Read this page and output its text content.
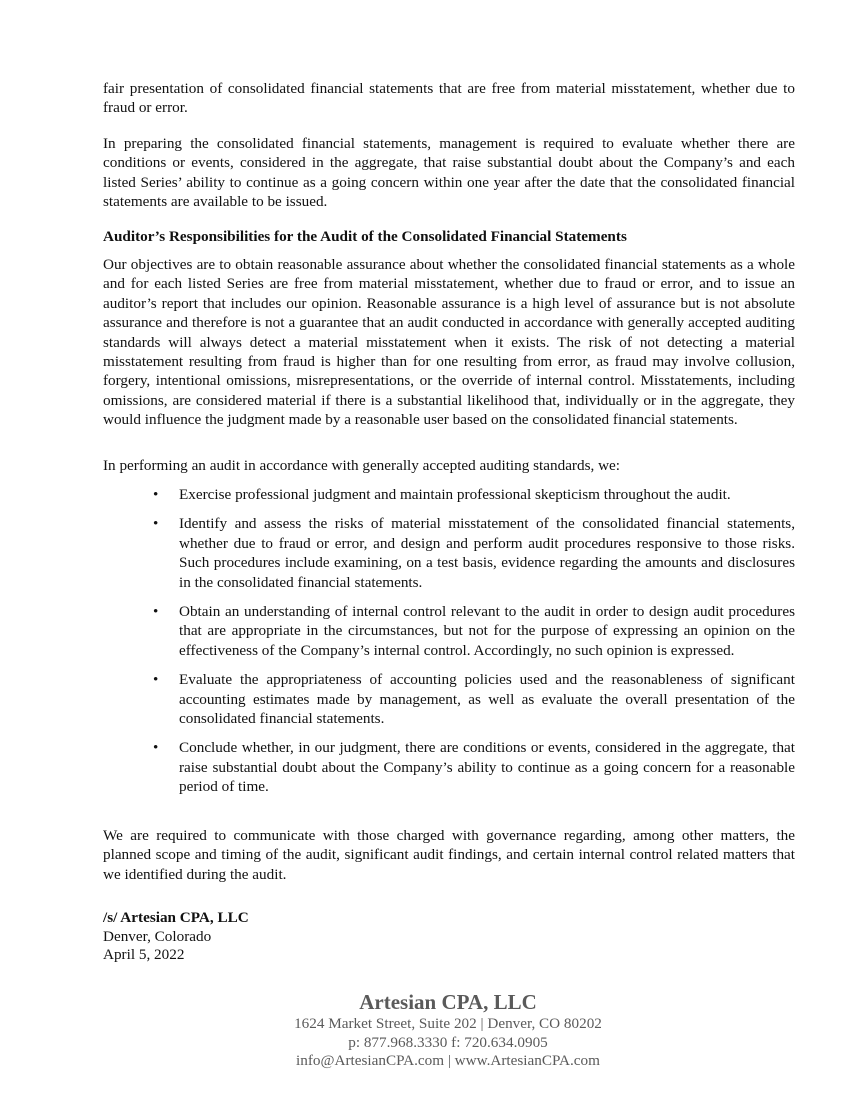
fair presentation of consolidated financial statements that are free from material misstatement, whether due to fraud or error.

In preparing the consolidated financial statements, management is required to evaluate whether there are conditions or events, considered in the aggregate, that raise substantial doubt about the Company’s and each listed Series’ ability to continue as a going concern within one year after the date that the consolidated financial statements are available to be issued.

Auditor’s Responsibilities for the Audit of the Consolidated Financial Statements

Our objectives are to obtain reasonable assurance about whether the consolidated financial statements as a whole and for each listed Series are free from material misstatement, whether due to fraud or error, and to issue an auditor’s report that includes our opinion. Reasonable assurance is a high level of assurance but is not absolute assurance and therefore is not a guarantee that an audit conducted in accordance with generally accepted auditing standards will always detect a material misstatement when it exists. The risk of not detecting a material misstatement resulting from fraud is higher than for one resulting from error, as fraud may involve collusion, forgery, intentional omissions, misrepresentations, or the override of internal control. Misstatements, including omissions, are considered material if there is a substantial likelihood that, individually or in the aggregate, they would influence the judgment made by a reasonable user based on the consolidated financial statements.

In performing an audit in accordance with generally accepted auditing standards, we:

• Exercise professional judgment and maintain professional skepticism throughout the audit.
• Identify and assess the risks of material misstatement of the consolidated financial statements, whether due to fraud or error, and design and perform audit procedures responsive to those risks. Such procedures include examining, on a test basis, evidence regarding the amounts and disclosures in the consolidated financial statements.
• Obtain an understanding of internal control relevant to the audit in order to design audit procedures that are appropriate in the circumstances, but not for the purpose of expressing an opinion on the effectiveness of the Company’s internal control. Accordingly, no such opinion is expressed.
• Evaluate the appropriateness of accounting policies used and the reasonableness of significant accounting estimates made by management, as well as evaluate the overall presentation of the consolidated financial statements.
• Conclude whether, in our judgment, there are conditions or events, considered in the aggregate, that raise substantial doubt about the Company’s ability to continue as a going concern for a reasonable period of time.

We are required to communicate with those charged with governance regarding, among other matters, the planned scope and timing of the audit, significant audit findings, and certain internal control related matters that we identified during the audit.

/s/ Artesian CPA, LLC
Denver, Colorado
April 5, 2022
Artesian CPA, LLC
1624 Market Street, Suite 202 | Denver, CO 80202
p: 877.968.3330 f: 720.634.0905
info@ArtesianCPA.com | www.ArtesianCPA.com
